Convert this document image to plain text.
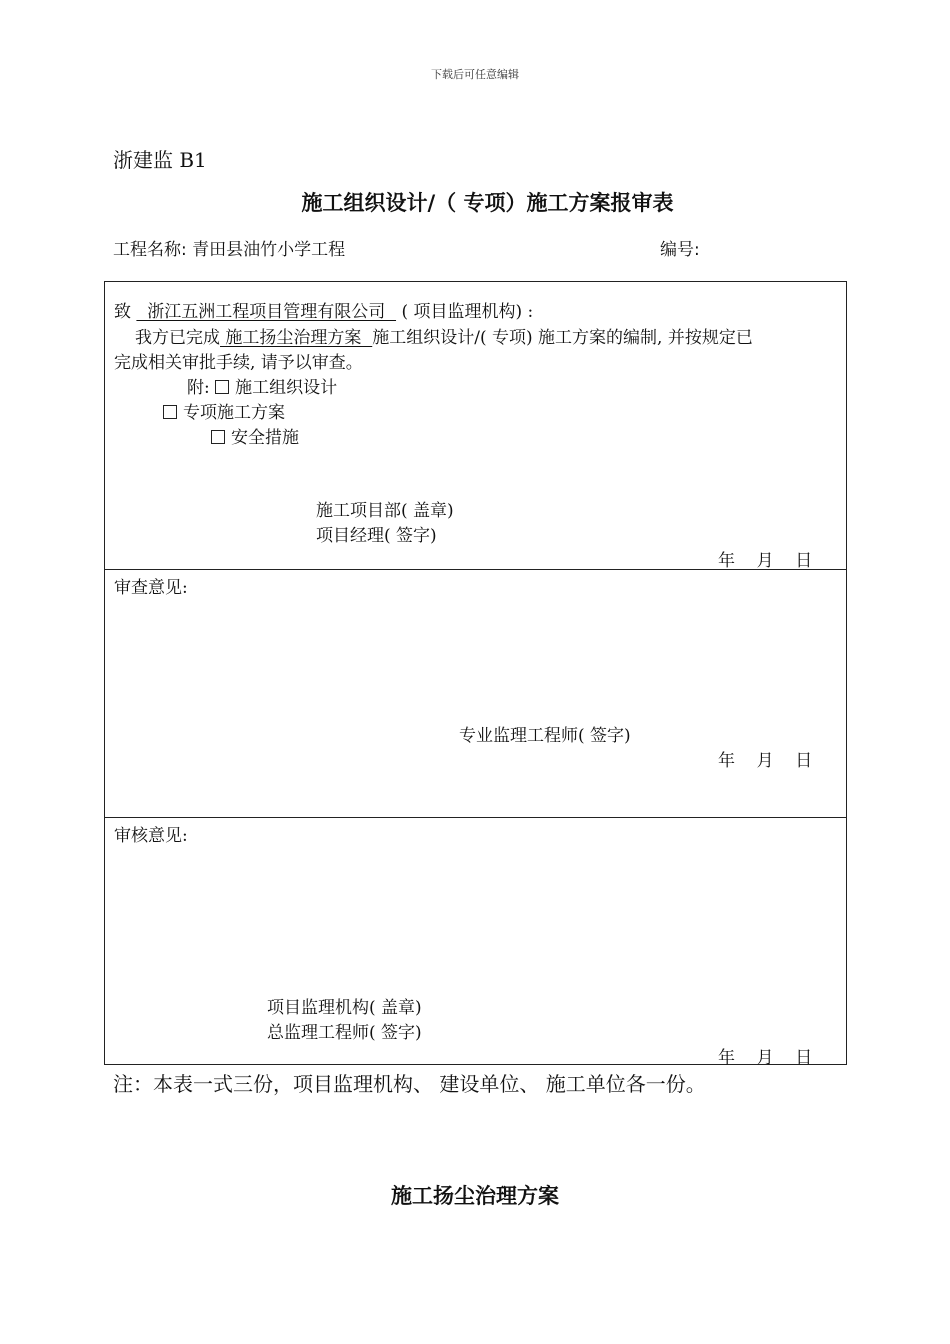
下载后可任意编辑
浙建监 B1
施工组织设计/（ 专项）施工方案报审表
工程名称: 青田县油竹小学工程	编号:
致   浙江五洲工程项目管理有限公司   ( 项目监理机构) :
我方已完成 施工扬尘治理方案  施工组织设计/( 专项) 施工方案的编制, 并按规定已
完成相关审批手续, 请予以审查。
附: 施工组织设计
专项施工方案
安全措施
施工项目部( 盖章)
项目经理( 签字)
年    月    日
审查意见:
专业监理工程师( 签字)
年    月    日
审核意见:
项目监理机构( 盖章)
总监理工程师( 签字)
年    月    日
注：本表一式三份，项目监理机构、 建设单位、 施工单位各一份。
施工扬尘治理方案
